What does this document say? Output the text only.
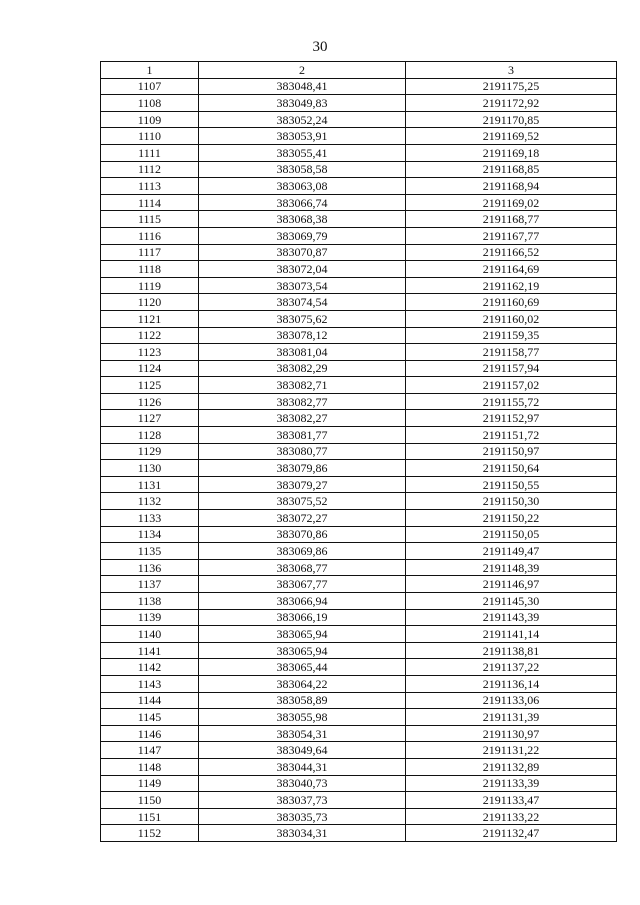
30
1	2	3
1107	383048,41	2191175,25
1108	383049,83	2191172,92
1109	383052,24	2191170,85
1110	383053,91	2191169,52
1111	383055,41	2191169,18
1112	383058,58	2191168,85
1113	383063,08	2191168,94
1114	383066,74	2191169,02
1115	383068,38	2191168,77
1116	383069,79	2191167,77
1117	383070,87	2191166,52
1118	383072,04	2191164,69
1119	383073,54	2191162,19
1120	383074,54	2191160,69
1121	383075,62	2191160,02
1122	383078,12	2191159,35
1123	383081,04	2191158,77
1124	383082,29	2191157,94
1125	383082,71	2191157,02
1126	383082,77	2191155,72
1127	383082,27	2191152,97
1128	383081,77	2191151,72
1129	383080,77	2191150,97
1130	383079,86	2191150,64
1131	383079,27	2191150,55
1132	383075,52	2191150,30
1133	383072,27	2191150,22
1134	383070,86	2191150,05
1135	383069,86	2191149,47
1136	383068,77	2191148,39
1137	383067,77	2191146,97
1138	383066,94	2191145,30
1139	383066,19	2191143,39
1140	383065,94	2191141,14
1141	383065,94	2191138,81
1142	383065,44	2191137,22
1143	383064,22	2191136,14
1144	383058,89	2191133,06
1145	383055,98	2191131,39
1146	383054,31	2191130,97
1147	383049,64	2191131,22
1148	383044,31	2191132,89
1149	383040,73	2191133,39
1150	383037,73	2191133,47
1151	383035,73	2191133,22
1152	383034,31	2191132,47
